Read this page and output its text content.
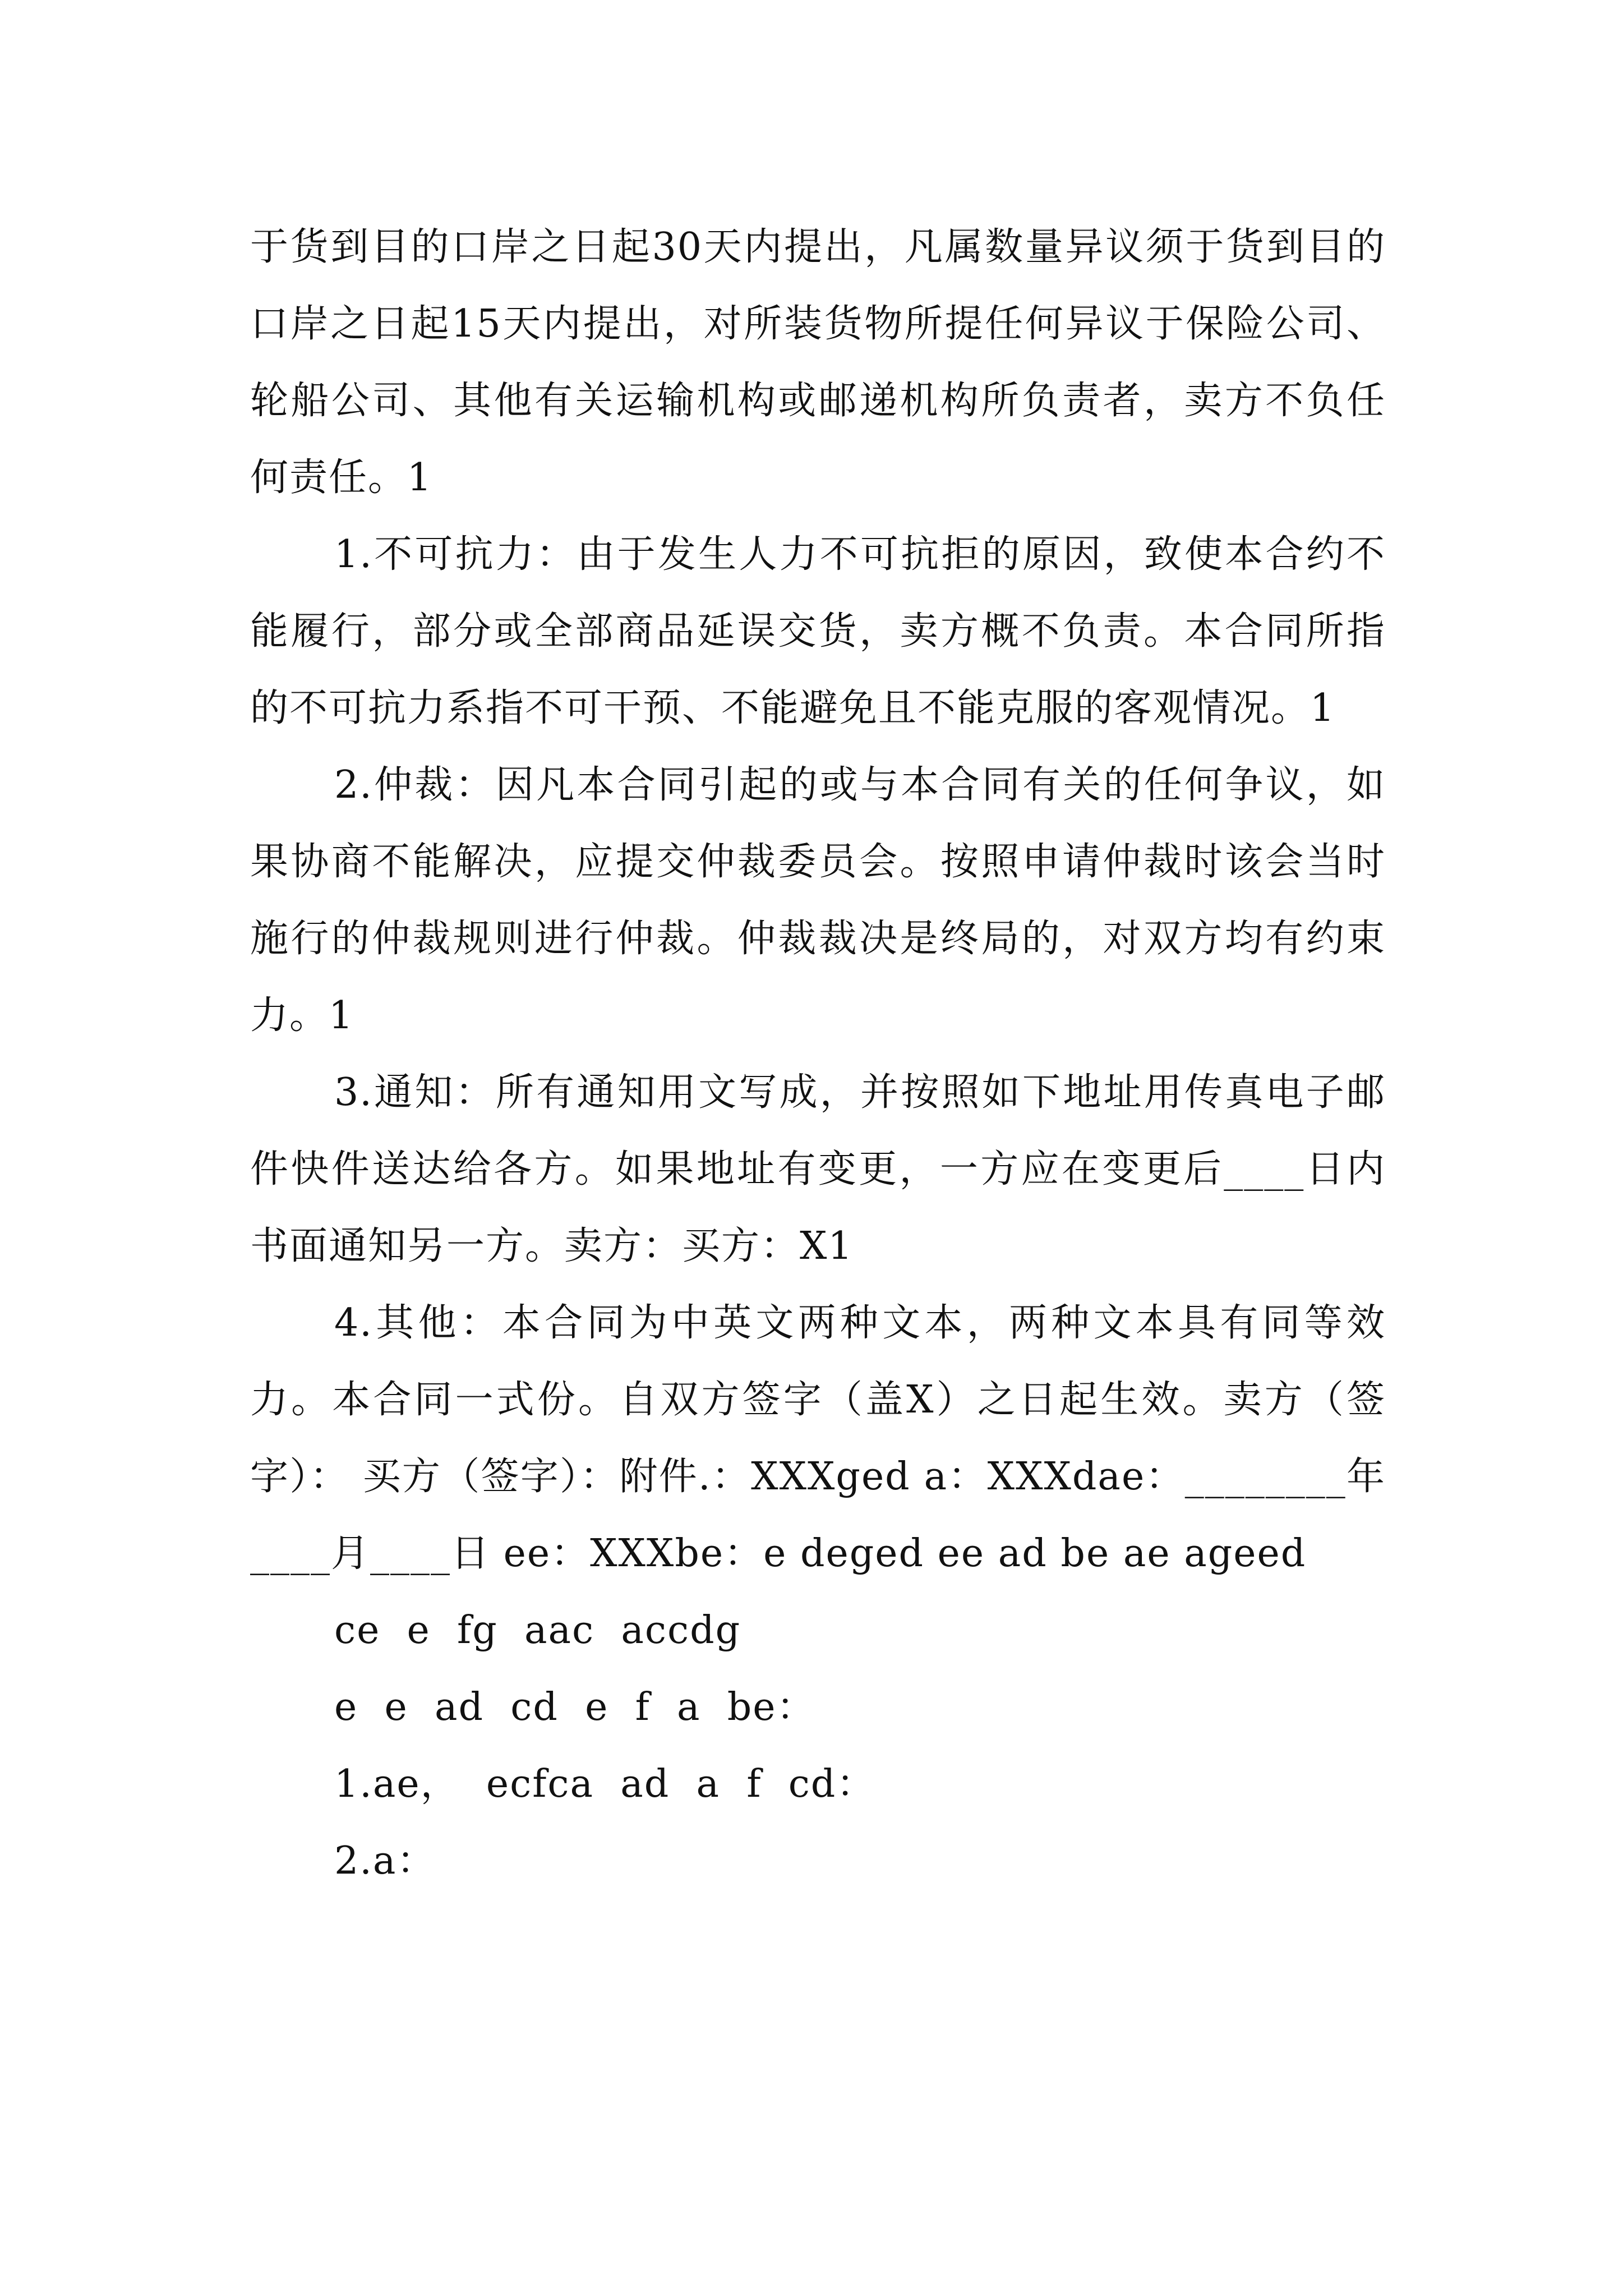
于货到目的口岸之日起30天内提出，凡属数量异议须于货到目的口岸之日起15天内提出，对所装货物所提任何异议于保险公司、轮船公司、其他有关运输机构或邮递机构所负责者，卖方不负任何责任。1

1.不可抗力：由于发生人力不可抗拒的原因，致使本合约不能履行，部分或全部商品延误交货，卖方概不负责。本合同所指的不可抗力系指不可干预、不能避免且不能克服的客观情况。1

2.仲裁：因凡本合同引起的或与本合同有关的任何争议，如果协商不能解决，应提交仲裁委员会。按照申请仲裁时该会当时施行的仲裁规则进行仲裁。仲裁裁决是终局的，对双方均有约束力。1

3.通知：所有通知用文写成，并按照如下地址用传真电子邮件快件送达给各方。如果地址有变更，一方应在变更后____日内书面通知另一方。卖方：买方：X1

4.其他：本合同为中英文两种文本，两种文本具有同等效力。本合同一式份。自双方签字（盖X）之日起生效。卖方（签字）： 买方（签字）：附件.：XXXged a：XXXdae：________年____月____日 ee：XXXbe：e deged ee ad be ae ageed

ce  e  fg  aac  accdg

e  e  ad  cd  e  f  a  be：

1.ae，  ecfca  ad  a  f  cd：

2.a：
